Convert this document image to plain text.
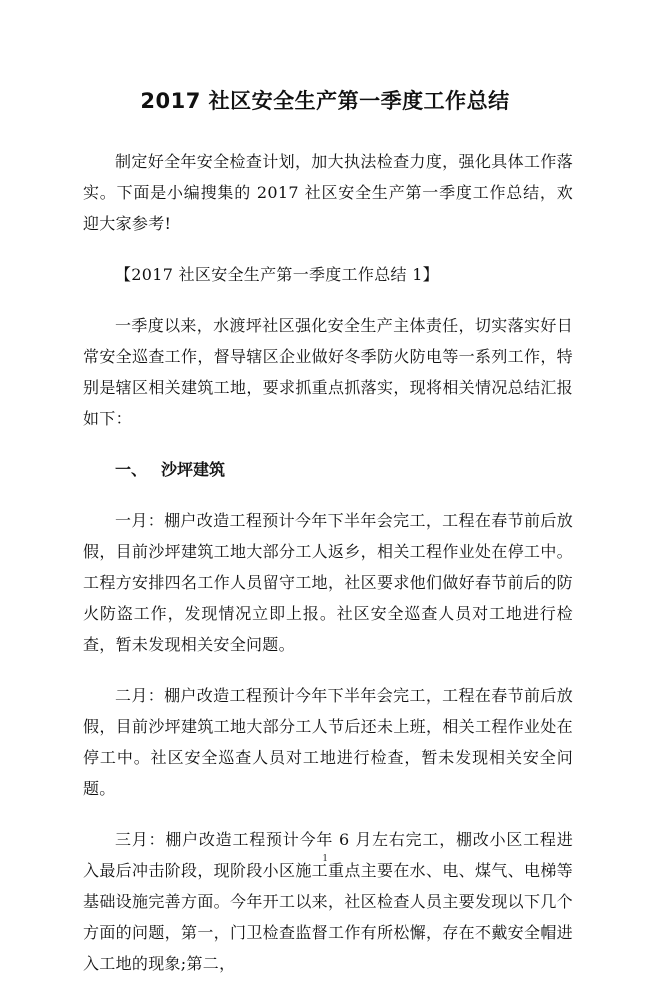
2017 社区安全生产第一季度工作总结

制定好全年安全检查计划，加大执法检查力度，强化具体工作落实。下面是小编搜集的 2017 社区安全生产第一季度工作总结，欢迎大家参考!

【2017 社区安全生产第一季度工作总结 1】

一季度以来，水渡坪社区强化安全生产主体责任，切实落实好日常安全巡查工作，督导辖区企业做好冬季防火防电等一系列工作，特别是辖区相关建筑工地，要求抓重点抓落实，现将相关情况总结汇报如下：

一、 沙坪建筑

一月：棚户改造工程预计今年下半年会完工，工程在春节前后放假，目前沙坪建筑工地大部分工人返乡，相关工程作业处在停工中。工程方安排四名工作人员留守工地，社区要求他们做好春节前后的防火防盗工作，发现情况立即上报。社区安全巡查人员对工地进行检查，暂未发现相关安全问题。

二月：棚户改造工程预计今年下半年会完工，工程在春节前后放假，目前沙坪建筑工地大部分工人节后还未上班，相关工程作业处在停工中。社区安全巡查人员对工地进行检查，暂未发现相关安全问题。

三月：棚户改造工程预计今年 6 月左右完工，棚改小区工程进入最后冲击阶段，现阶段小区施工重点主要在水、电、煤气、电梯等基础设施完善方面。今年开工以来，社区检查人员主要发现以下几个方面的问题，第一，门卫检查监督工作有所松懈，存在不戴安全帽进入工地的现象;第二，

1
